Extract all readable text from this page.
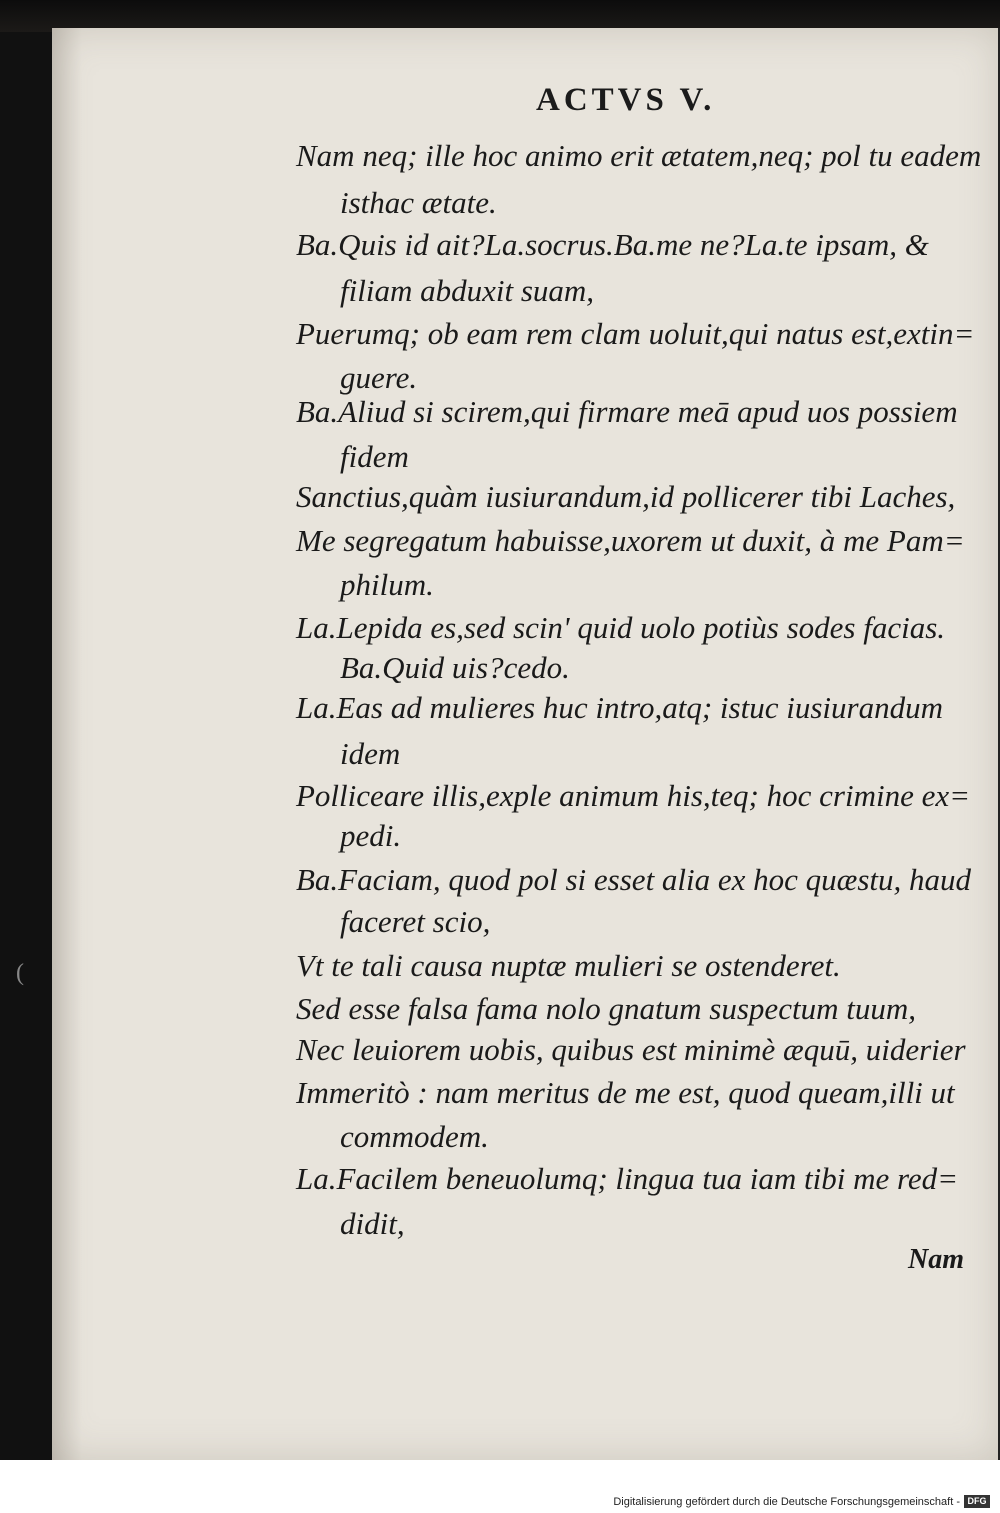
ACTVS V.
Nam neq; ille hoc animo erit ætatem,neq; pol tu eadem
isthac ætate.
Ba.Quis id ait?La.socrus.Ba.me ne?La.te ipsam, &
filiam abduxit suam,
Puerumq; ob eam rem clam uoluit,qui natus est,extin=
guere.
Ba.Aliud si scirem,qui firmare meā apud uos possiem
fidem
Sanctius,quàm iusiurandum,id pollicerer tibi Laches,
Me segregatum habuisse,uxorem ut duxit, à me Pam=
philum.
La.Lepida es,sed scin' quid uolo potiùs sodes facias.
Ba.Quid uis?cedo.
La.Eas ad mulieres huc intro,atq; istuc iusiurandum
idem
Polliceare illis,exple animum his,teq; hoc crimine ex=
pedi.
Ba.Faciam, quod pol si esset alia ex hoc quæstu, haud
faceret scio,
Vt te tali causa nuptæ mulieri se ostenderet.
Sed esse falsa fama nolo gnatum suspectum tuum,
Nec leuiorem uobis, quibus est minimè æquū, uiderier
Immeritò : nam meritus de me est, quod queam,illi ut
commodem.
La.Facilem beneuolumq; lingua tua iam tibi me red=
didit,
(
Nam
Digitalisierung gefördert durch die Deutsche Forschungsgemeinschaft - DFG
